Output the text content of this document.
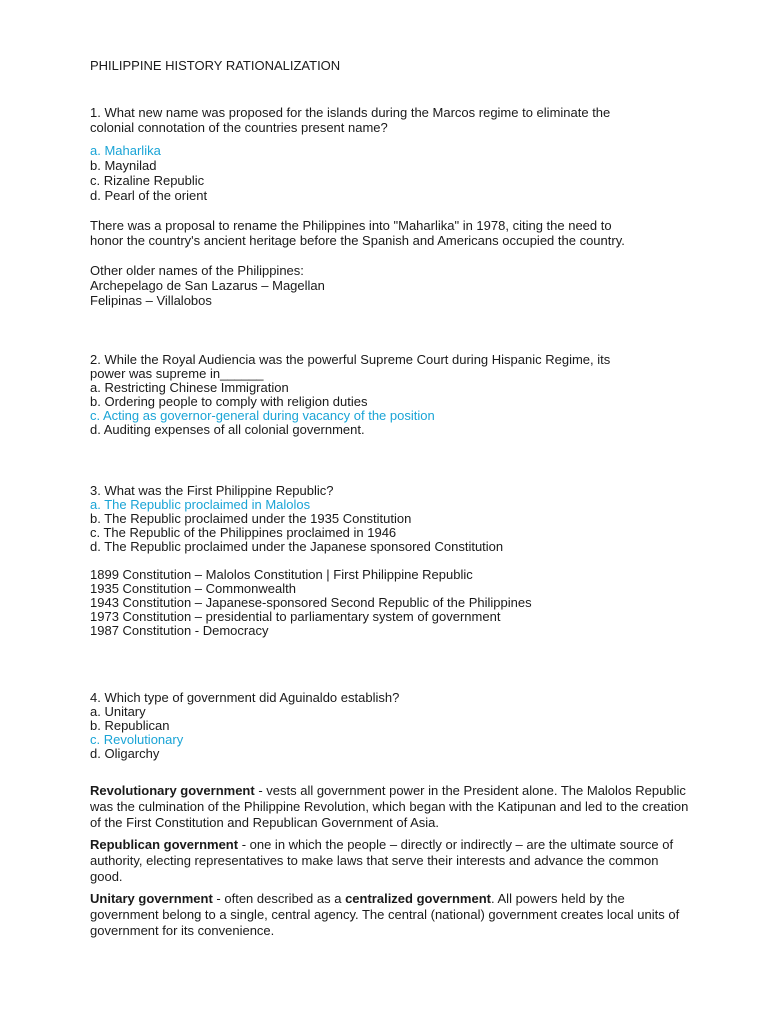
PHILIPPINE HISTORY RATIONALIZATION
1. What new name was proposed for the islands during the Marcos regime to eliminate the
colonial connotation of the countries present name?
a. Maharlika
b. Maynilad
c. Rizaline Republic
d. Pearl of the orient
There was a proposal to rename the Philippines into "Maharlika" in 1978, citing the need to
honor the country's ancient heritage before the Spanish and Americans occupied the country.
Other older names of the Philippines:
Archepelago de San Lazarus – Magellan
Felipinas – Villalobos
2. While the Royal Audiencia was the powerful Supreme Court during Hispanic Regime, its
power was supreme in______
a. Restricting Chinese Immigration
b. Ordering people to comply with religion duties
c. Acting as governor-general during vacancy of the position
d. Auditing expenses of all colonial government.
3. What was the First Philippine Republic?
a. The Republic proclaimed in Malolos
b. The Republic proclaimed under the 1935 Constitution
c. The Republic of the Philippines proclaimed in 1946
d. The Republic proclaimed under the Japanese sponsored Constitution
1899 Constitution – Malolos Constitution | First Philippine Republic
1935 Constitution – Commonwealth
1943 Constitution – Japanese-sponsored Second Republic of the Philippines
1973 Constitution – presidential to parliamentary system of government
1987 Constitution - Democracy
4. Which type of government did Aguinaldo establish?
a. Unitary
b. Republican
c. Revolutionary
d. Oligarchy
Revolutionary government - vests all government power in the President alone. The Malolos Republic was the culmination of the Philippine Revolution, which began with the Katipunan and led to the creation of the First Constitution and Republican Government of Asia.
Republican government - one in which the people – directly or indirectly – are the ultimate source of authority, electing representatives to make laws that serve their interests and advance the common good.
Unitary government - often described as a centralized government. All powers held by the government belong to a single, central agency. The central (national) government creates local units of government for its convenience.
